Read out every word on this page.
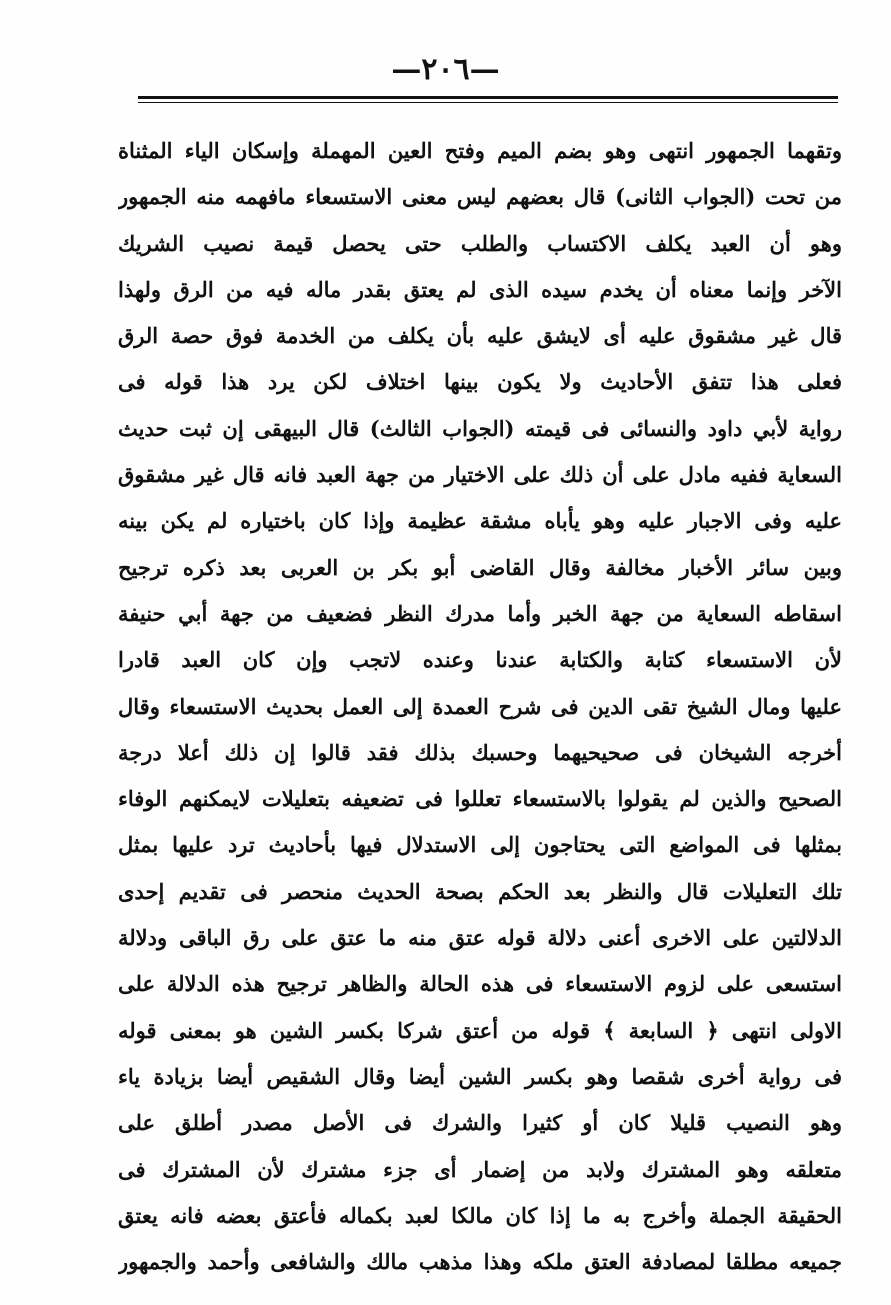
—٢٠٦—
وتقهما الجمهور انتهى وهو بضم الميم وفتح العين المهملة وإسكان الياء المثناة
من تحت (الجواب الثانى) قال بعضهم ليس معنى الاستسعاء مافهمه منه الجمهور
وهو أن العبد يكلف الاكتساب والطلب حتى يحصل قيمة نصيب الشريك
الآخر وإنما معناه أن يخدم سيده الذى لم يعتق بقدر ماله فيه من الرق ولهذا
قال غير مشقوق عليه أى لايشق عليه بأن يكلف من الخدمة فوق حصة الرق
فعلى هذا تتفق الأحاديث ولا يكون بينها اختلاف لكن يرد هذا قوله فى
رواية لأبي داود والنسائى فى قيمته (الجواب الثالث) قال البيهقى إن ثبت حديث
السعاية ففيه مادل على أن ذلك على الاختيار من جهة العبد فانه قال غير مشقوق
عليه وفى الاجبار عليه وهو يأباه مشقة عظيمة وإذا كان باختياره لم يكن بينه
وبين سائر الأخبار مخالفة وقال القاضى أبو بكر بن العربى بعد ذكره ترجيح
اسقاطه السعاية من جهة الخبر وأما مدرك النظر فضعيف من جهة أبي حنيفة
لأن الاستسعاء كتابة والكتابة عندنا وعنده لاتجب وإن كان العبد قادرا
عليها ومال الشيخ تقى الدين فى شرح العمدة إلى العمل بحديث الاستسعاء وقال
أخرجه الشيخان فى صحيحيهما وحسبك بذلك فقد قالوا إن ذلك أعلا درجة
الصحيح والذين لم يقولوا بالاستسعاء تعللوا فى تضعيفه بتعليلات لايمكنهم الوفاء
بمثلها فى المواضع التى يحتاجون إلى الاستدلال فيها بأحاديث ترد عليها بمثل
تلك التعليلات قال والنظر بعد الحكم بصحة الحديث منحصر فى تقديم إحدى
الدلالتين على الاخرى أعنى دلالة قوله عتق منه ما عتق على رق الباقى ودلالة
استسعى على لزوم الاستسعاء فى هذه الحالة والظاهر ترجيح هذه الدلالة على
الاولى انتهى ﴿ السابعة ﴾ قوله من أعتق شركا بكسر الشين هو بمعنى قوله
فى رواية أخرى شقصا وهو بكسر الشين أيضا وقال الشقيص أيضا بزيادة ياء
وهو النصيب قليلا كان أو كثيرا والشرك فى الأصل مصدر أطلق على
متعلقه وهو المشترك ولابد من إضمار أى جزء مشترك لأن المشترك فى
الحقيقة الجملة وأخرج به ما إذا كان مالكا لعبد بكماله فأعتق بعضه فانه يعتق
جميعه مطلقا لمصادفة العتق ملكه وهذا مذهب مالك والشافعى وأحمد والجمهور
